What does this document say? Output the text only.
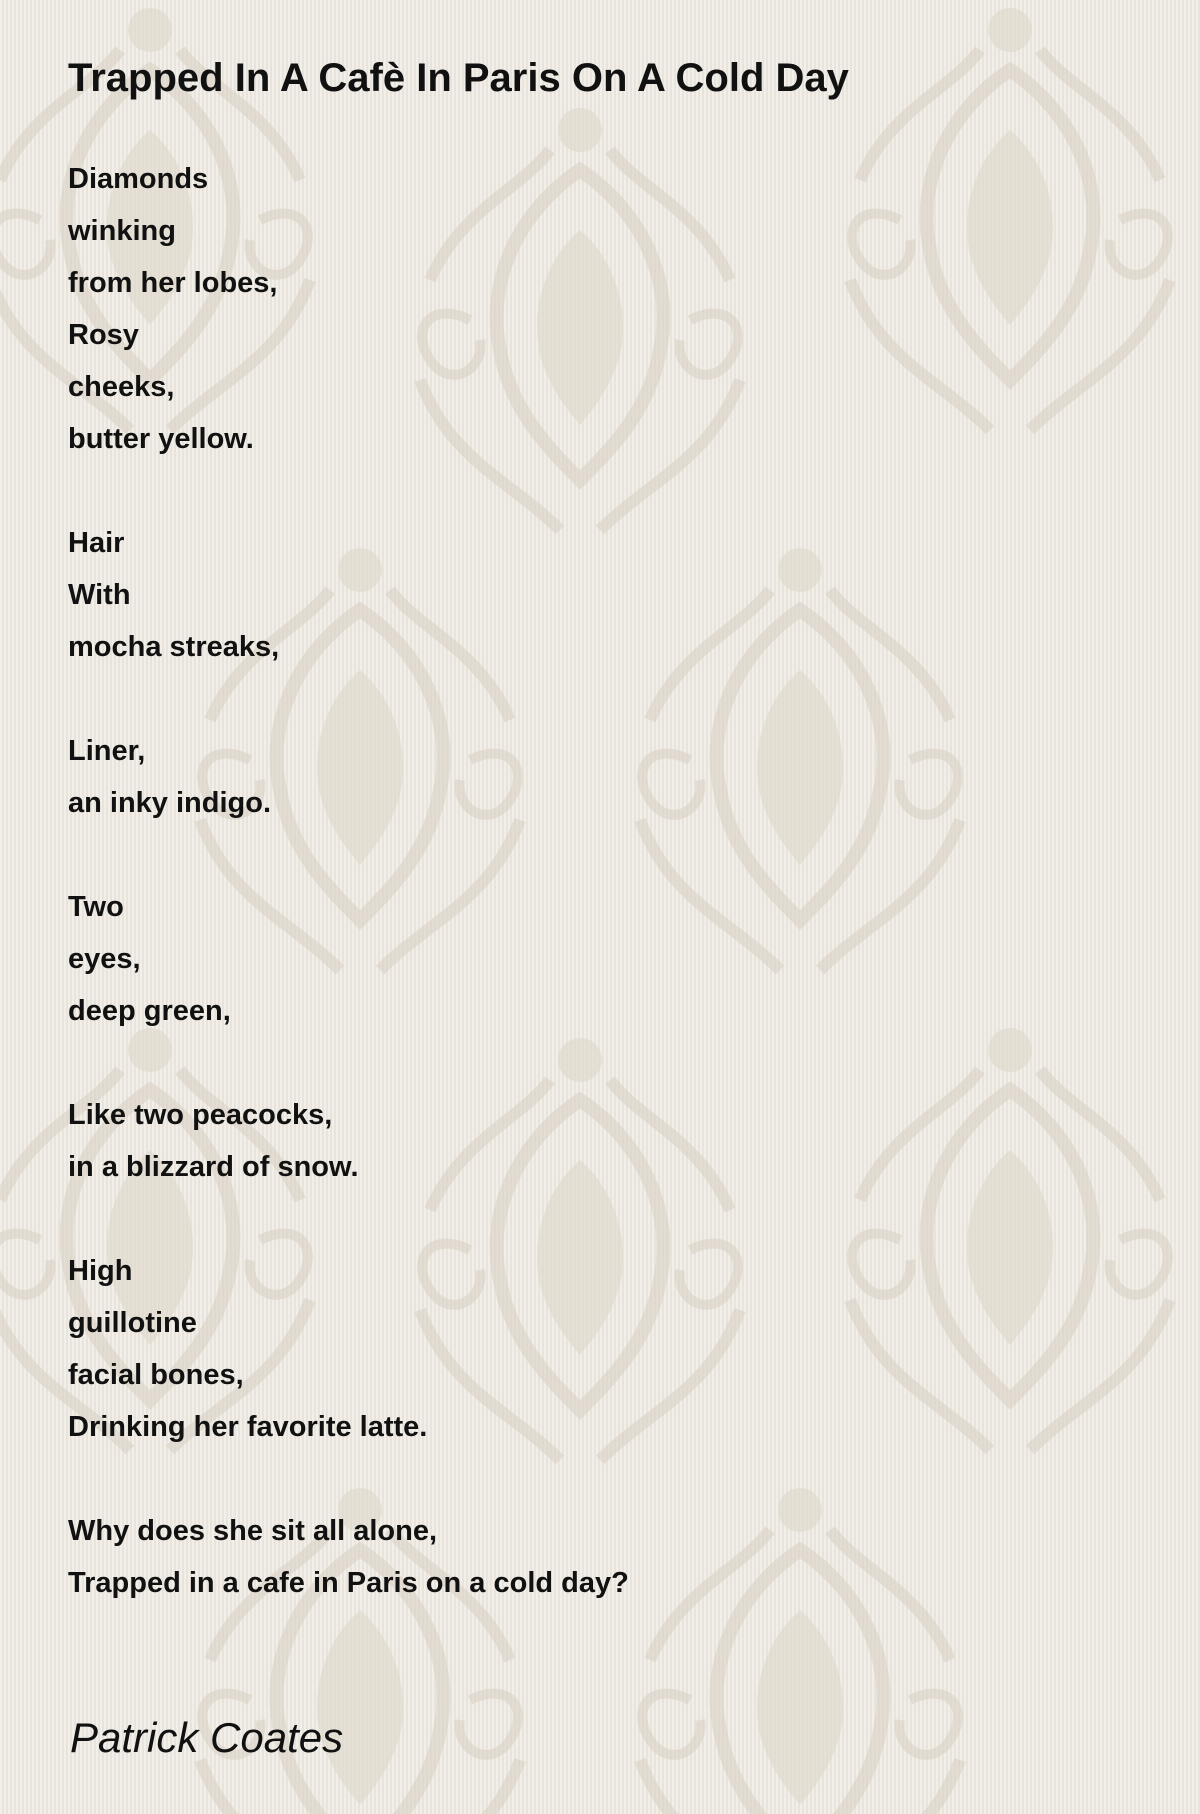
Trapped In A Cafè In Paris On A Cold Day
Diamonds
winking
from her lobes,
Rosy
cheeks,
butter yellow.
Hair
With
mocha streaks,
Liner,
an inky indigo.
Two
eyes,
deep green,
Like two peacocks,
in a blizzard of snow.
High
guillotine
facial bones,
Drinking her favorite latte.
Why does she sit all alone,
Trapped in a cafe in Paris on a cold day?
Patrick Coates
